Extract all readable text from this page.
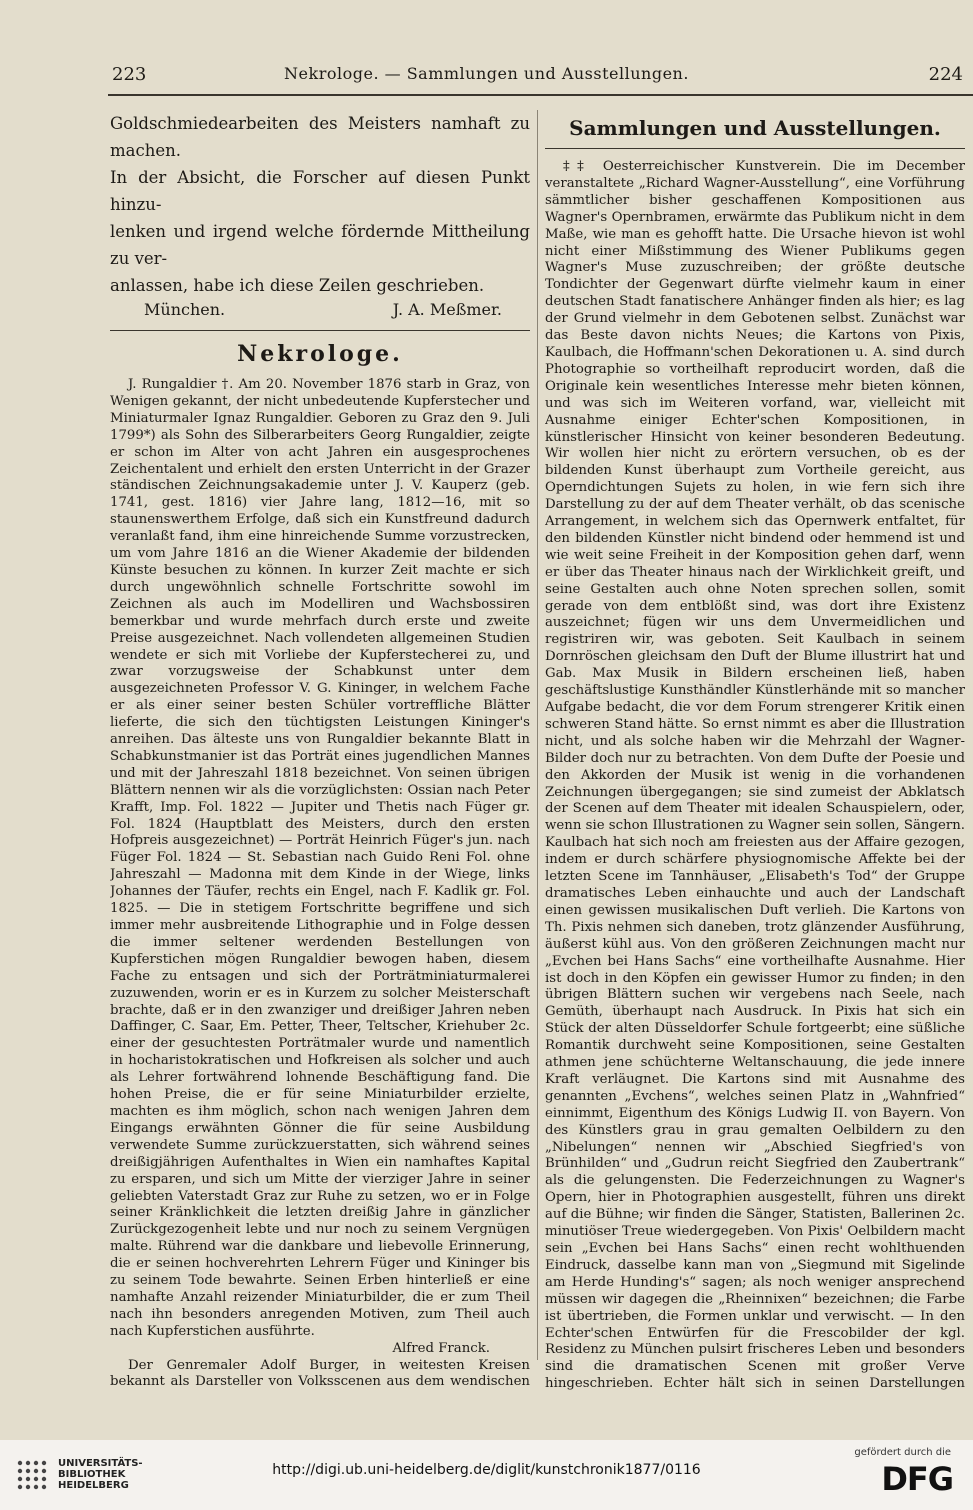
223	Nekrologe. — Sammlungen und Ausstellungen.	224

Goldschmiedearbeiten des Meisters namhaft zu machen.

In der Absicht, die Forscher auf diesen Punkt hinzu-

lenken und irgend welche fördernde Mittheilung zu ver-

anlassen, habe ich diese Zeilen geschrieben.

München.	J. A. Meßmer.
Nekrologe.

J. Rungaldier †. Am 20. November 1876 starb in Graz, von Wenigen gekannt, der nicht unbedeutende Kupferstecher und Miniaturmaler Ignaz Rungaldier. Geboren zu Graz den 9. Juli 1799*) als Sohn des Silberarbeiters Georg Rungaldier, zeigte er schon im Alter von acht Jahren ein ausgesprochenes Zeichentalent und erhielt den ersten Unterricht in der Grazer ständischen Zeichnungsakademie unter J. V. Kauperz (geb. 1741, gest. 1816) vier Jahre lang, 1812—16, mit so staunenswerthem Erfolge, daß sich ein Kunstfreund dadurch veranlaßt fand, ihm eine hinreichende Summe vorzustrecken, um vom Jahre 1816 an die Wiener Akademie der bildenden Künste besuchen zu können. In kurzer Zeit machte er sich durch ungewöhnlich schnelle Fortschritte sowohl im Zeichnen als auch im Modelliren und Wachsbossiren bemerkbar und wurde mehrfach durch erste und zweite Preise ausgezeichnet. Nach vollendeten allgemeinen Studien wendete er sich mit Vorliebe der Kupferstecherei zu, und zwar vorzugsweise der Schabkunst unter dem ausgezeichneten Professor V. G. Kininger, in welchem Fache er als einer seiner besten Schüler vortreffliche Blätter lieferte, die sich den tüchtigsten Leistungen Kininger's anreihen. Das älteste uns von Rungaldier bekannte Blatt in Schabkunstmanier ist das Porträt eines jugendlichen Mannes und mit der Jahreszahl 1818 bezeichnet. Von seinen übrigen Blättern nennen wir als die vorzüglichsten: Ossian nach Peter Krafft, Imp. Fol. 1822 — Jupiter und Thetis nach Füger gr. Fol. 1824 (Hauptblatt des Meisters, durch den ersten Hofpreis ausgezeichnet) — Porträt Heinrich Füger's jun. nach Füger Fol. 1824 — St. Sebastian nach Guido Reni Fol. ohne Jahreszahl — Madonna mit dem Kinde in der Wiege, links Johannes der Täufer, rechts ein Engel, nach F. Kadlik gr. Fol. 1825. — Die in stetigem Fortschritte begriffene und sich immer mehr ausbreitende Lithographie und in Folge dessen die immer seltener werdenden Bestellungen von Kupferstichen mögen Rungaldier bewogen haben, diesem Fache zu entsagen und sich der Porträtminiaturmalerei zuzuwenden, worin er es in Kurzem zu solcher Meisterschaft brachte, daß er in den zwanziger und dreißiger Jahren neben Daffinger, C. Saar, Em. Petter, Theer, Teltscher, Kriehuber 2c. einer der gesuchtesten Porträtmaler wurde und namentlich in hocharistokratischen und Hofkreisen als solcher und auch als Lehrer fortwährend lohnende Beschäftigung fand. Die hohen Preise, die er für seine Miniaturbilder erzielte, machten es ihm möglich, schon nach wenigen Jahren dem Eingangs erwähnten Gönner die für seine Ausbildung verwendete Summe zurückzuerstatten, sich während seines dreißigjährigen Aufenthaltes in Wien ein namhaftes Kapital zu ersparen, und sich um Mitte der vierziger Jahre in seiner geliebten Vaterstadt Graz zur Ruhe zu setzen, wo er in Folge seiner Kränklichkeit die letzten dreißig Jahre in gänzlicher Zurückgezogenheit lebte und nur noch zu seinem Vergnügen malte. Rührend war die dankbare und liebevolle Erinnerung, die er seinen hochverehrten Lehrern Füger und Kininger bis zu seinem Tode bewahrte. Seinen Erben hinterließ er eine namhafte Anzahl reizender Miniaturbilder, die er zum Theil nach ihn besonders anregenden Motiven, zum Theil auch nach Kupferstichen ausführte.

Alfred Franck.

Der Genremaler Adolf Burger, in weitesten Kreisen bekannt als Darsteller von Volksscenen aus dem wendischen

Sammlungen und Ausstellungen.

‡‡ Oesterreichischer Kunstverein. Die im December veranstaltete „Richard Wagner-Ausstellung“, eine Vorführung sämmtlicher bisher geschaffenen Kompositionen aus Wagner's Opernbramen, erwärmte das Publikum nicht in dem Maße, wie man es gehofft hatte. Die Ursache hievon ist wohl nicht einer Mißstimmung des Wiener Publikums gegen Wagner's Muse zuzuschreiben; der größte deutsche Tondichter der Gegenwart dürfte vielmehr kaum in einer deutschen Stadt fanatischere Anhänger finden als hier; es lag der Grund vielmehr in dem Gebotenen selbst. Zunächst war das Beste davon nichts Neues; die Kartons von Pixis, Kaulbach, die Hoffmann'schen Dekorationen u. A. sind durch Photographie so vortheilhaft reproducirt worden, daß die Originale kein wesentliches Interesse mehr bieten können, und was sich im Weiteren vorfand, war, vielleicht mit Ausnahme einiger Echter'schen Kompositionen, in künstlerischer Hinsicht von keiner besonderen Bedeutung. Wir wollen hier nicht zu erörtern versuchen, ob es der bildenden Kunst überhaupt zum Vortheile gereicht, aus Operndichtungen Sujets zu holen, in wie fern sich ihre Darstellung zu der auf dem Theater verhält, ob das scenische Arrangement, in welchem sich das Opernwerk entfaltet, für den bildenden Künstler nicht bindend oder hemmend ist und wie weit seine Freiheit in der Komposition gehen darf, wenn er über das Theater hinaus nach der Wirklichkeit greift, und seine Gestalten auch ohne Noten sprechen sollen, somit gerade von dem entblößt sind, was dort ihre Existenz auszeichnet; fügen wir uns dem Unvermeidlichen und registriren wir, was geboten. Seit Kaulbach in seinem Dornröschen gleichsam den Duft der Blume illustrirt hat und Gab. Max Musik in Bildern erscheinen ließ, haben geschäftslustige Kunsthändler Künstlerhände mit so mancher Aufgabe bedacht, die vor dem Forum strengerer Kritik einen schweren Stand hätte. So ernst nimmt es aber die Illustration nicht, und als solche haben wir die Mehrzahl der Wagner-Bilder doch nur zu betrachten. Von dem Dufte der Poesie und den Akkorden der Musik ist wenig in die vorhandenen Zeichnungen übergegangen; sie sind zumeist der Abklatsch der Scenen auf dem Theater mit idealen Schauspielern, oder, wenn sie schon Illustrationen zu Wagner sein sollen, Sängern. Kaulbach hat sich noch am freiesten aus der Affaire gezogen, indem er durch schärfere physiognomische Affekte bei der letzten Scene im Tannhäuser, „Elisabeth's Tod“ der Gruppe dramatisches Leben einhauchte und auch der Landschaft einen gewissen musikalischen Duft verlieh. Die Kartons von Th. Pixis nehmen sich daneben, trotz glänzender Ausführung, äußerst kühl aus. Von den größeren Zeichnungen macht nur „Evchen bei Hans Sachs“ eine vortheilhafte Ausnahme. Hier ist doch in den Köpfen ein gewisser Humor zu finden; in den übrigen Blättern suchen wir vergebens nach Seele, nach Gemüth, überhaupt nach Ausdruck. In Pixis hat sich ein Stück der alten Düsseldorfer Schule fortgeerbt; eine süßliche Romantik durchweht seine Kompositionen, seine Gestalten athmen jene schüchterne Weltanschauung, die jede innere Kraft verläugnet. Die Kartons sind mit Ausnahme des genannten „Evchens“, welches seinen Platz in „Wahnfried“ einnimmt, Eigenthum des Königs Ludwig II. von Bayern. Von des Künstlers grau in grau gemalten Oelbildern zu den „Nibelungen“ nennen wir „Abschied Siegfried's von Brünhilden“ und „Gudrun reicht Siegfried den Zaubertrank“ als die gelungensten. Die Federzeichnungen zu Wagner's Opern, hier in Photographien ausgestellt, führen uns direkt auf die Bühne; wir finden die Sänger, Statisten, Ballerinen 2c. minutiöser Treue wiedergegeben. Von Pixis' Oelbildern macht sein „Evchen bei Hans Sachs“ einen recht wohlthuenden Eindruck, dasselbe kann man von „Siegmund mit Sigelinde am Herde Hunding's“ sagen; als noch weniger ansprechend müssen wir dagegen die „Rheinnixen“ bezeichnen; die Farbe ist übertrieben, die Formen unklar und verwischt. — In den Echter'schen Entwürfen für die Frescobilder der kgl. Residenz zu München pulsirt frischeres Leben und besonders sind die dramatischen Scenen mit großer Verve hingeschrieben. Echter hält sich in seinen Darstellungen

UNIVERSITÄTS-
BIBLIOTHEK
HEIDELBERG
http://digi.ub.uni-heidelberg.de/diglit/kunstchronik1877/0116
gefördert durch die
DFG
